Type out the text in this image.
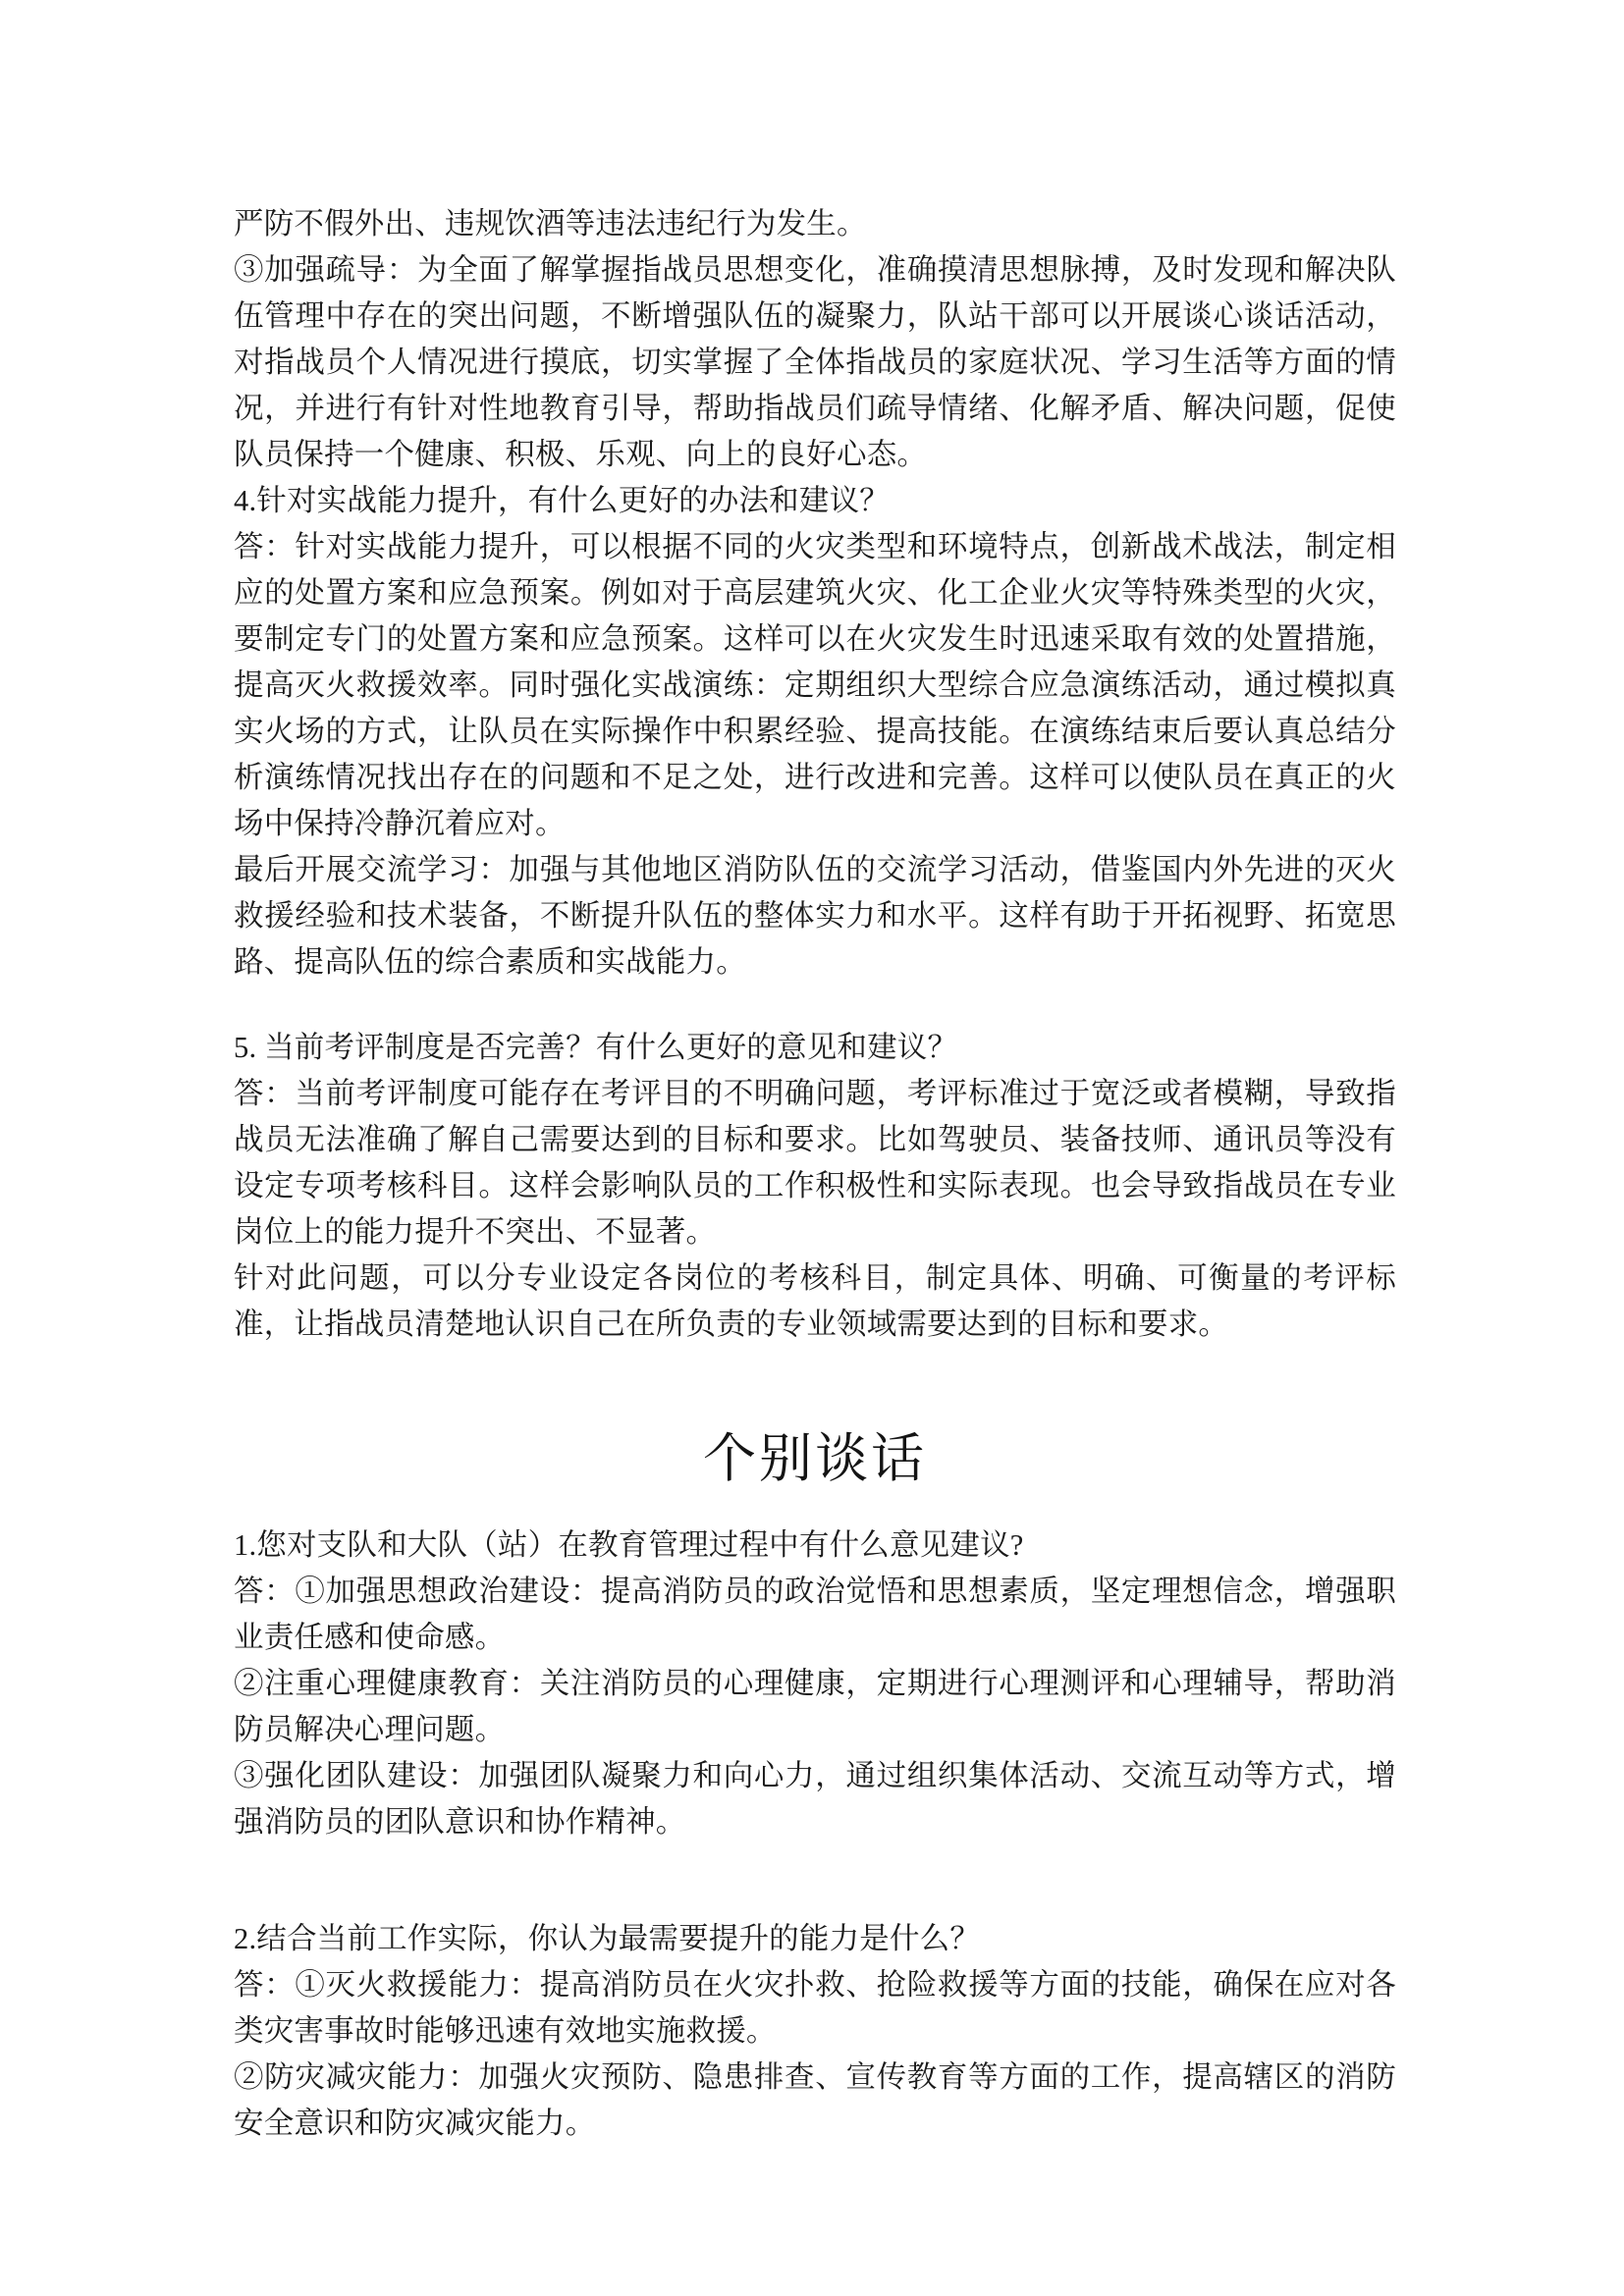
严防不假外出、违规饮酒等违法违纪行为发生。

③加强疏导：为全面了解掌握指战员思想变化，准确摸清思想脉搏，及时发现和解决队伍管理中存在的突出问题，不断增强队伍的凝聚力，队站干部可以开展谈心谈话活动，对指战员个人情况进行摸底，切实掌握了全体指战员的家庭状况、学习生活等方面的情况，并进行有针对性地教育引导，帮助指战员们疏导情绪、化解矛盾、解决问题，促使队员保持一个健康、积极、乐观、向上的良好心态。

4.针对实战能力提升，有什么更好的办法和建议？

答：针对实战能力提升，可以根据不同的火灾类型和环境特点，创新战术战法，制定相应的处置方案和应急预案。例如对于高层建筑火灾、化工企业火灾等特殊类型的火灾，要制定专门的处置方案和应急预案。这样可以在火灾发生时迅速采取有效的处置措施，提高灭火救援效率。同时强化实战演练：定期组织大型综合应急演练活动，通过模拟真实火场的方式，让队员在实际操作中积累经验、提高技能。在演练结束后要认真总结分析演练情况找出存在的问题和不足之处，进行改进和完善。这样可以使队员在真正的火场中保持冷静沉着应对。

最后开展交流学习：加强与其他地区消防队伍的交流学习活动，借鉴国内外先进的灭火救援经验和技术装备，不断提升队伍的整体实力和水平。这样有助于开拓视野、拓宽思路、提高队伍的综合素质和实战能力。

5. 当前考评制度是否完善？有什么更好的意见和建议？

答：当前考评制度可能存在考评目的不明确问题，考评标准过于宽泛或者模糊，导致指战员无法准确了解自己需要达到的目标和要求。比如驾驶员、装备技师、通讯员等没有设定专项考核科目。这样会影响队员的工作积极性和实际表现。也会导致指战员在专业岗位上的能力提升不突出、不显著。

针对此问题，可以分专业设定各岗位的考核科目，制定具体、明确、可衡量的考评标准，让指战员清楚地认识自己在所负责的专业领域需要达到的目标和要求。

个别谈话

1.您对支队和大队（站）在教育管理过程中有什么意见建议?

答：①加强思想政治建设：提高消防员的政治觉悟和思想素质，坚定理想信念，增强职业责任感和使命感。

②注重心理健康教育：关注消防员的心理健康，定期进行心理测评和心理辅导，帮助消防员解决心理问题。

③强化团队建设：加强团队凝聚力和向心力，通过组织集体活动、交流互动等方式，增强消防员的团队意识和协作精神。

2.结合当前工作实际，你认为最需要提升的能力是什么？

答：①灭火救援能力：提高消防员在火灾扑救、抢险救援等方面的技能，确保在应对各类灾害事故时能够迅速有效地实施救援。

②防灾减灾能力：加强火灾预防、隐患排查、宣传教育等方面的工作，提高辖区的消防安全意识和防灾减灾能力。
